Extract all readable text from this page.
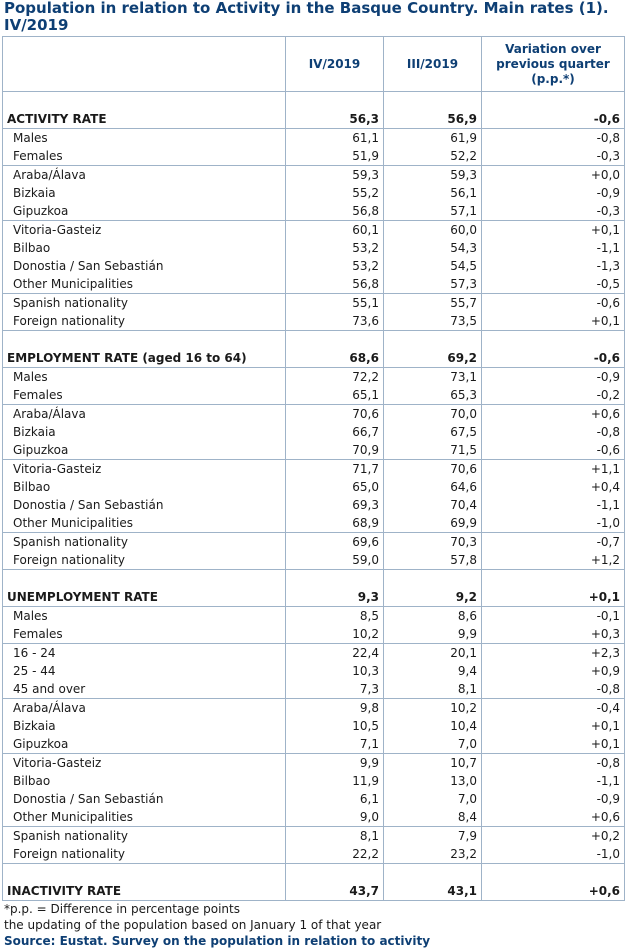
Population in relation to Activity in the Basque Country. Main rates (1).
IV/2019
	IV/2019	III/2019	Variation over
previous quarter
(p.p.*)

ACTIVITY RATE	56,3	56,9	-0,6
Males	61,1	61,9	-0,8
Females	51,9	52,2	-0,3
Araba/Álava	59,3	59,3	+0,0
Bizkaia	55,2	56,1	-0,9
Gipuzkoa	56,8	57,1	-0,3
Vitoria-Gasteiz	60,1	60,0	+0,1
Bilbao	53,2	54,3	-1,1
Donostia / San Sebastián	53,2	54,5	-1,3
Other Municipalities	56,8	57,3	-0,5
Spanish nationality	55,1	55,7	-0,6
Foreign nationality	73,6	73,5	+0,1

EMPLOYMENT RATE (aged 16 to 64)	68,6	69,2	-0,6
Males	72,2	73,1	-0,9
Females	65,1	65,3	-0,2
Araba/Álava	70,6	70,0	+0,6
Bizkaia	66,7	67,5	-0,8
Gipuzkoa	70,9	71,5	-0,6
Vitoria-Gasteiz	71,7	70,6	+1,1
Bilbao	65,0	64,6	+0,4
Donostia / San Sebastián	69,3	70,4	-1,1
Other Municipalities	68,9	69,9	-1,0
Spanish nationality	69,6	70,3	-0,7
Foreign nationality	59,0	57,8	+1,2

UNEMPLOYMENT RATE	9,3	9,2	+0,1
Males	8,5	8,6	-0,1
Females	10,2	9,9	+0,3
16 - 24	22,4	20,1	+2,3
25 - 44	10,3	9,4	+0,9
45 and over	7,3	8,1	-0,8
Araba/Álava	9,8	10,2	-0,4
Bizkaia	10,5	10,4	+0,1
Gipuzkoa	7,1	7,0	+0,1
Vitoria-Gasteiz	9,9	10,7	-0,8
Bilbao	11,9	13,0	-1,1
Donostia / San Sebastián	6,1	7,0	-0,9
Other Municipalities	9,0	8,4	+0,6
Spanish nationality	8,1	7,9	+0,2
Foreign nationality	22,2	23,2	-1,0

INACTIVITY RATE	43,7	43,1	+0,6
*p.p. = Difference in percentage points
the updating of the population based on January 1 of that year
Source: Eustat. Survey on the population in relation to activity
